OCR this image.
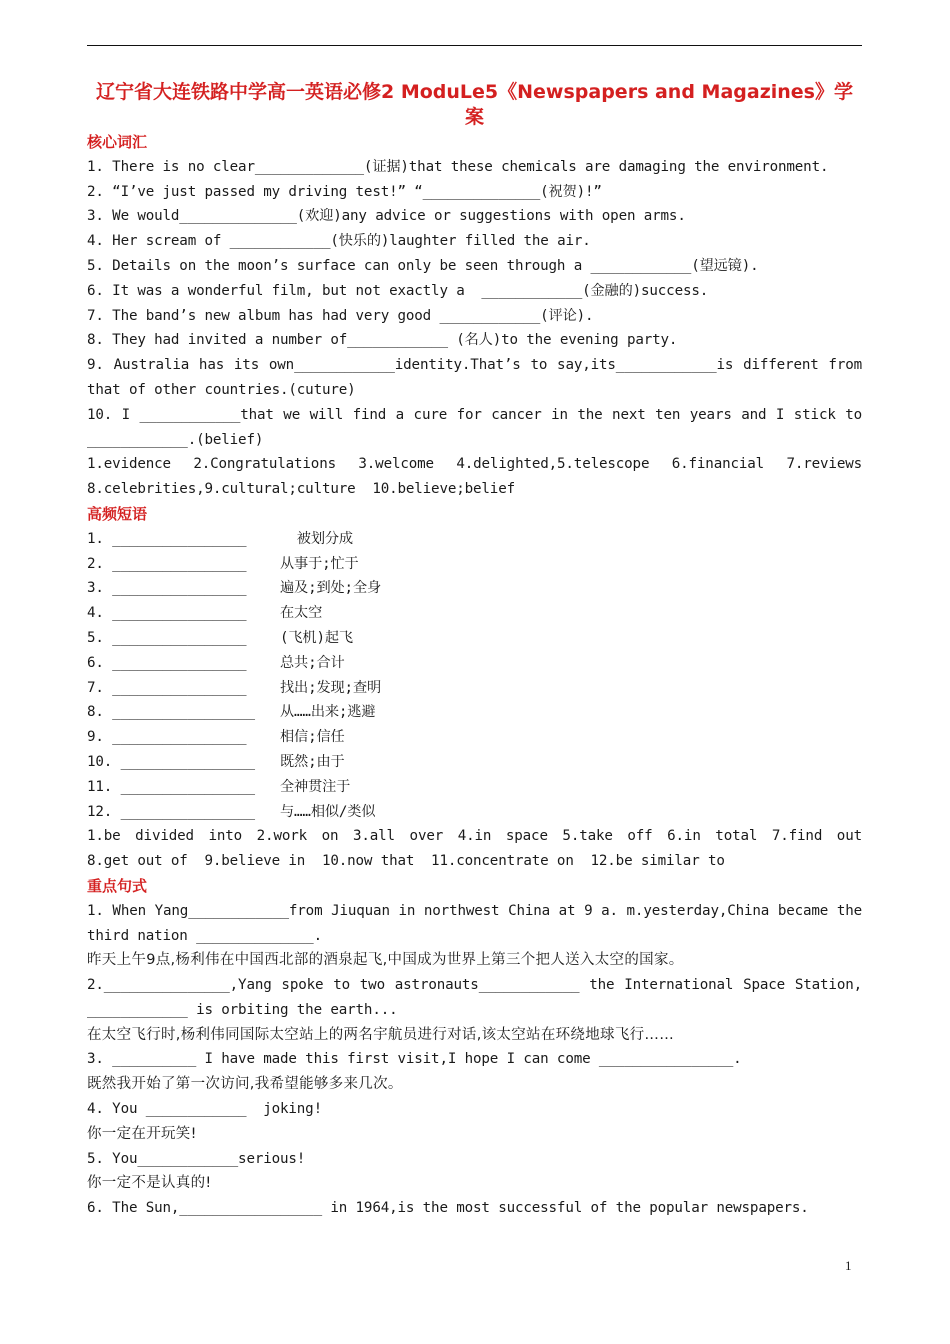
辽宁省大连铁路中学高一英语必修2 ModuLe5《Newspapers and Magazines》学案
核心词汇
1. There is no clear_____________(证据)that these chemicals are damaging the environment.
2. “I’ve just passed my driving test!” “______________(祝贺)!”
3. We would______________(欢迎)any advice or suggestions with open arms.
4. Her scream of ____________(快乐的)laughter filled the air.
5. Details on the moon’s surface can only be seen through a ____________(望远镜).
6. It was a wonderful film, but not exactly a  ____________(金融的)success.
7. The band’s new album has had very good ____________(评论).
8. They had invited a number of____________ (名人)to the evening party.
9. Australia has its own____________identity.That’s to say,its____________is different from
that of other countries.(cuture)
10. I ____________that we will find a cure for cancer in the next ten years and I stick to
____________.(belief)
1.evidence 2.Congratulations 3.welcome 4.delighted,5.telescope 6.financial 7.reviews
8.celebrities,9.cultural;culture  10.believe;belief
高频短语
1. ________________      被划分成
2. ________________    从事于;忙于
3. ________________    遍及;到处;全身
4. ________________    在太空
5. ________________    (飞机)起飞
6. ________________    总共;合计
7. ________________    找出;发现;查明
8. _________________   从……出来;逃避
9. ________________    相信;信任
10. ________________   既然;由于
11. ________________   全神贯注于
12. ________________   与……相似/类似
1.be divided into 2.work on 3.all over 4.in space 5.take off 6.in total 7.find out
8.get out of  9.believe in  10.now that  11.concentrate on  12.be similar to
重点句式
1. When Yang____________from Jiuquan in northwest China at 9 a. m.yesterday,China became the
third nation ______________.
昨天上午9点,杨利伟在中国西北部的酒泉起飞,中国成为世界上第三个把人送入太空的国家。
2._______________,Yang spoke to two astronauts____________ the International Space Station,
____________ is orbiting the earth...
在太空飞行时,杨利伟同国际太空站上的两名宇航员进行对话,该太空站在环绕地球飞行……
3. __________ I have made this first visit,I hope I can come ________________.
既然我开始了第一次访问,我希望能够多来几次。
4. You ____________  joking!
你一定在开玩笑!
5. You____________serious!
你一定不是认真的!
6. The Sun,_________________ in 1964,is the most successful of the popular newspapers.
1
